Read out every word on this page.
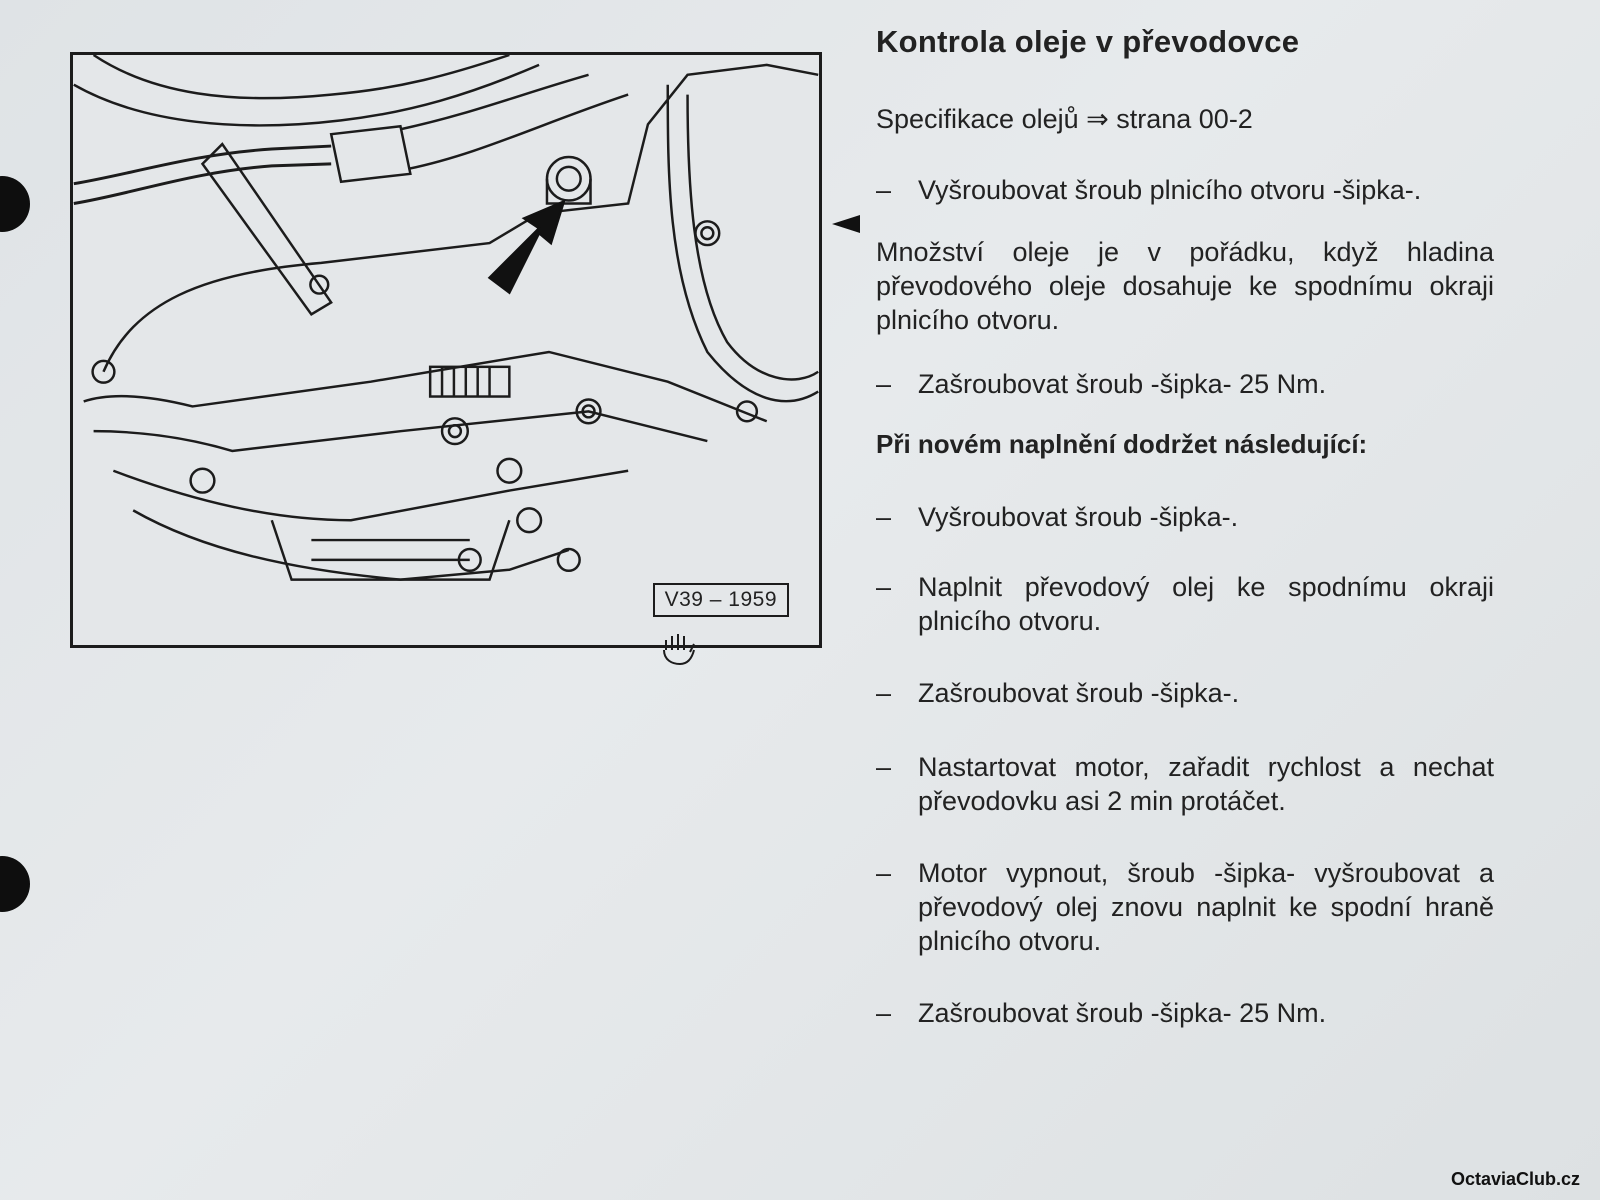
V39 – 1959
Kontrola oleje v převodovce
Specifikace olejů ⇒ strana 00-2
– Vyšroubovat šroub plnicího otvoru -šipka-.
Množství oleje je v pořádku, když hladina převodového oleje dosahuje ke spodnímu okraji plnicího otvoru.
– Zašroubovat šroub -šipka- 25 Nm.
Při novém naplnění dodržet následující:
– Vyšroubovat šroub -šipka-.
– Naplnit převodový olej ke spodnímu okraji plnicího otvoru.
– Zašroubovat šroub -šipka-.
– Nastartovat motor, zařadit rychlost a nechat převodovku asi 2 min protáčet.
– Motor vypnout, šroub -šipka- vyšroubovat a převodový olej znovu naplnit ke spodní hraně plnicího otvoru.
– Zašroubovat šroub -šipka- 25 Nm.
OctaviaClub.cz
